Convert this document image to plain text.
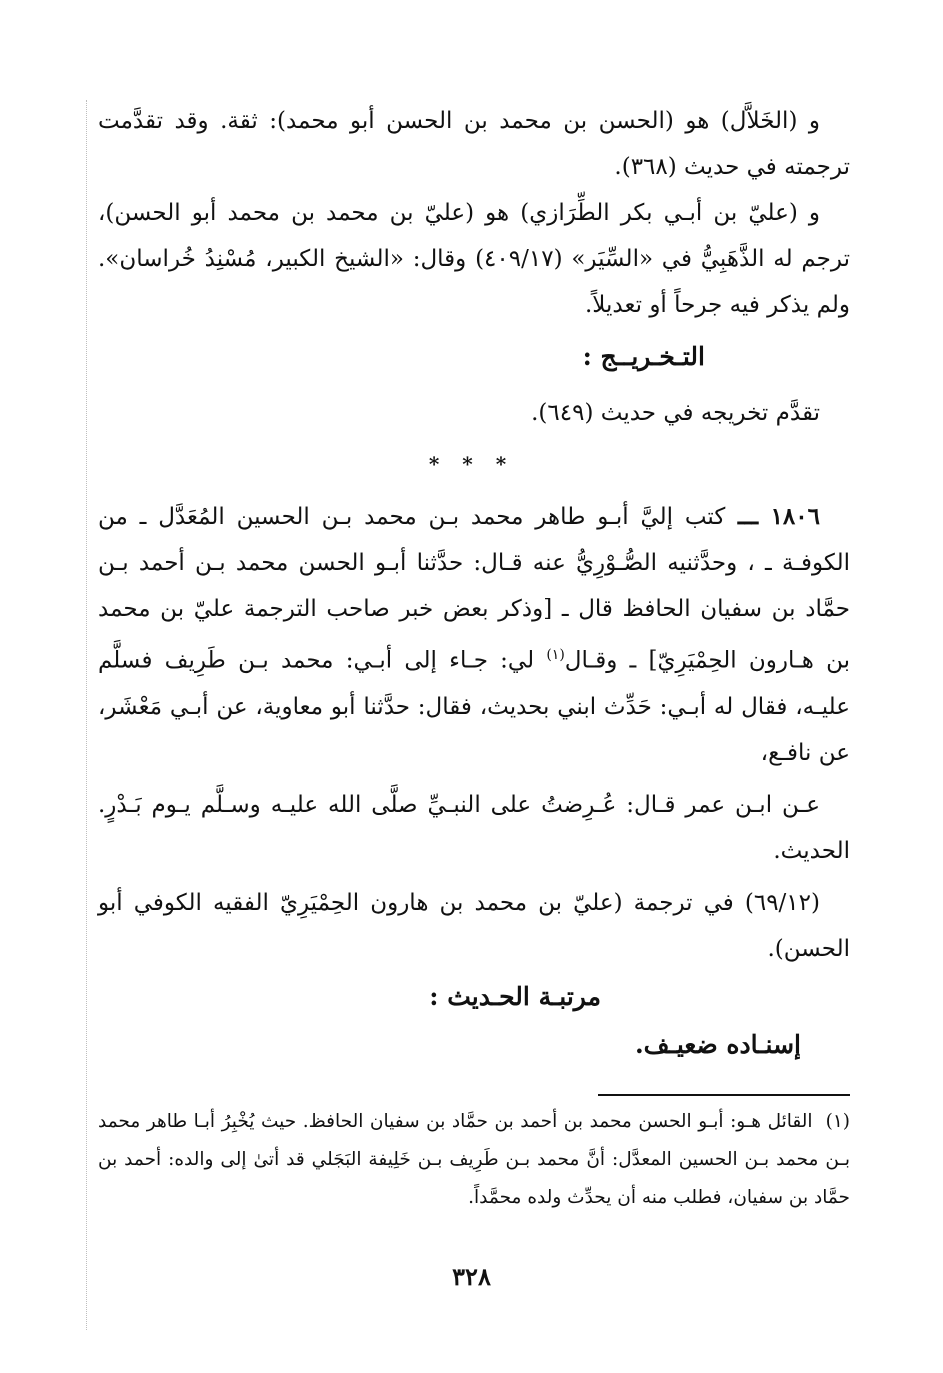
و (الخَلاَّل) هو (الحسن بن محمد بن الحسن أبو محمد): ثقة. وقد تقدَّمت ترجمته في حديث (٣٦٨).

و (عليّ بن أبـي بكر الطِّرَازي) هو (عليّ بن محمد بن محمد أبو الحسن)، ترجم له الذَّهَبِيُّ في «السِّيَر» (٤٠٩/١٧) وقال: «الشيخ الكبير، مُسْنِدُ خُراسان». ولم يذكر فيه جرحاً أو تعديلاً.

التـخـريــج :

تقدَّم تخريجه في حديث (٦٤٩).

* * *

١٨٠٦ ـــ كتب إليَّ أبـو طاهر محمد بـن محمد بـن الحسين المُعَدَّل ـ من الكوفـة ـ ، وحدَّثنيه الصُّـوْرِيُّ عنه قـال: حدَّثنا أبـو الحسن محمد بـن أحمد بـن حمَّاد بن سفيان الحافظ قال ـ [وذكر بعض خبر صاحب الترجمة عليّ بن محمد بن هـارون الحِمْيَرِيّ] ـ وقـال$^{(١)}$ لي: جـاء إلى أبـي: محمد بـن طَرِيف فسلَّم عليـه، فقال له أبـي: حَدِّث ابني بحديث، فقال: حدَّثنا أبو معاوية، عن أبـي مَعْشَر، عن نافـع،

عـن ابـن عمر قـال: عُـرِضتُ على النبـيِّ صلَّى الله عليـه وسـلَّم يـوم بَـدْرٍ. الحديث.

(٦٩/١٢) في ترجمة (عليّ بن محمد بن هارون الحِمْيَرِيّ الفقيه الكوفي أبو الحسن).

مرتبـة الحـديث :
إسنـاده ضعيـف.

(١)  القائل هـو: أبـو الحسن محمد بن أحمد بن حمَّاد بن سفيان الحافظ. حيث يُخْبِرُ أبـا طاهر محمد بـن محمد بـن الحسين المعدَّل: أنَّ محمد بـن طَرِيف بـن خَلِيفة البَجَلي قد أتىٰ إلى والده: أحمد بن حمَّاد بن سفيان، فطلب منه أن يحدِّث ولده محمَّداً.

٣٢٨
